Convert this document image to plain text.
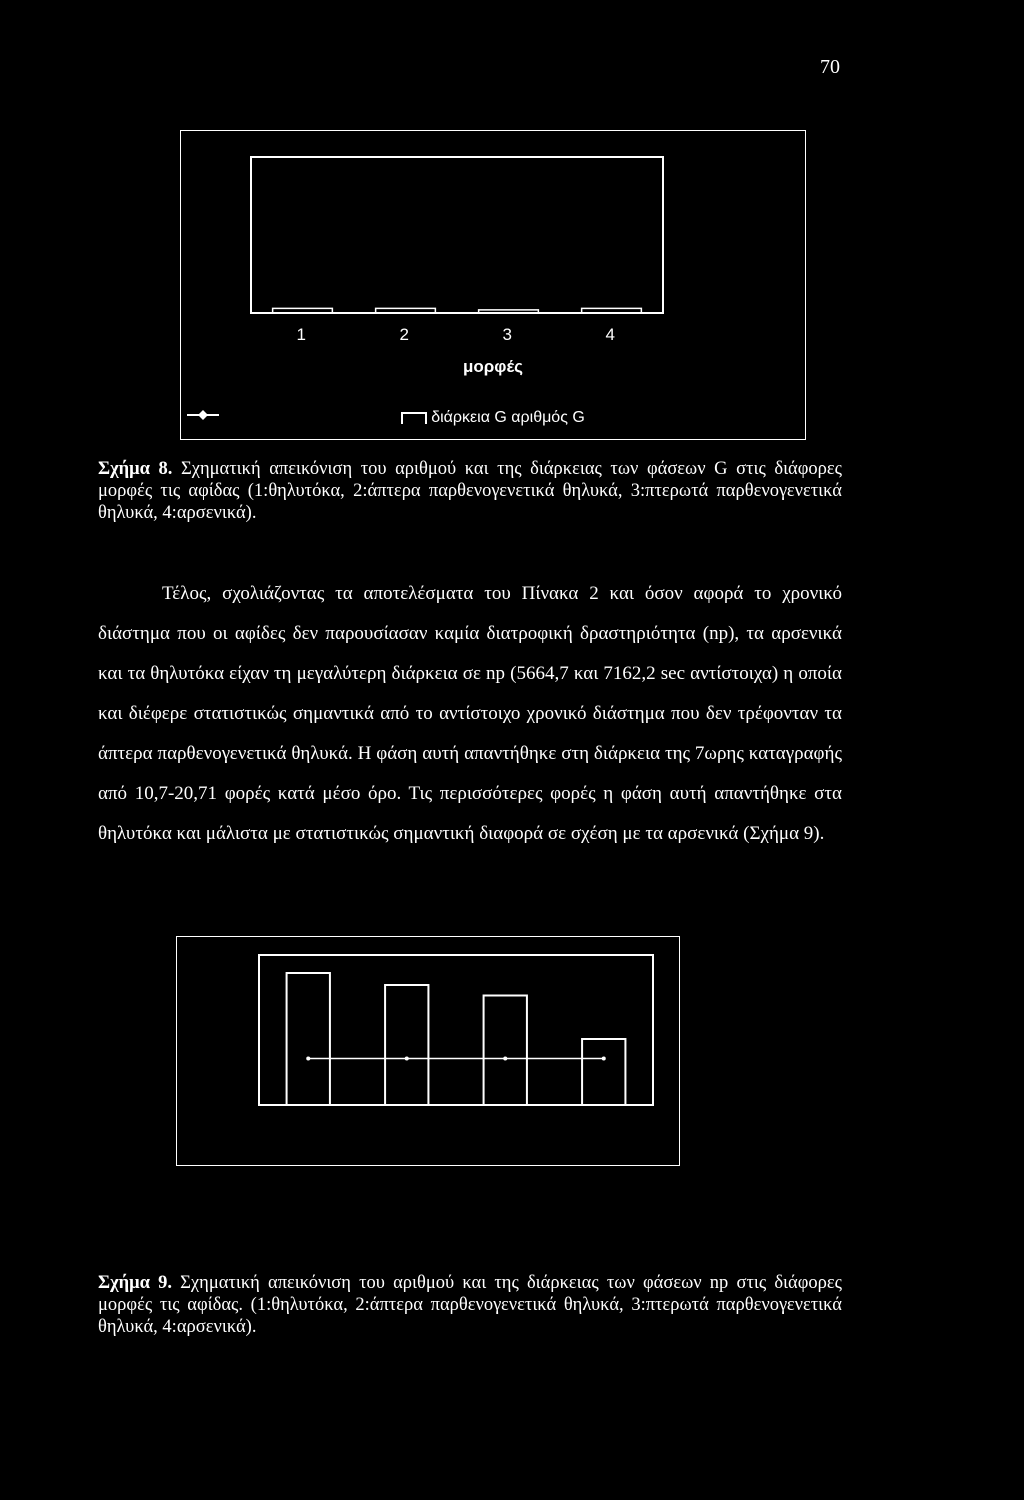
70
μορφές
διάρκεια G αριθμός G
1	2	3	4
Σχήμα 8. Σχηματική απεικόνιση του αριθμού και της διάρκειας των φάσεων G στις διάφορες μορφές τις αφίδας (1:θηλυτόκα, 2:άπτερα παρθενογενετικά θηλυκά, 3:πτερωτά παρθενογενετικά θηλυκά, 4:αρσενικά).
Τέλος, σχολιάζοντας τα αποτελέσματα του Πίνακα 2 και όσον αφορά το χρονικό διάστημα που οι αφίδες δεν παρουσίασαν καμία διατροφική δραστηριότητα (np), τα αρσενικά και τα θηλυτόκα είχαν τη μεγαλύτερη διάρκεια σε np (5664,7 και 7162,2 sec αντίστοιχα) η οποία και διέφερε στατιστικώς σημαντικά από το αντίστοιχο χρονικό διάστημα που δεν τρέφονταν τα άπτερα παρθενογενετικά θηλυκά. Η φάση αυτή απαντήθηκε στη διάρκεια της 7ωρης καταγραφής από 10,7-20,71 φορές κατά μέσο όρο. Τις περισσότερες φορές η φάση αυτή απαντήθηκε στα θηλυτόκα και μάλιστα με στατιστικώς σημαντική διαφορά σε σχέση με τα αρσενικά (Σχήμα 9).
Σχήμα 9. Σχηματική απεικόνιση του αριθμού και της διάρκειας των φάσεων np στις διάφορες μορφές τις αφίδας. (1:θηλυτόκα, 2:άπτερα παρθενογενετικά θηλυκά, 3:πτερωτά παρθενογενετικά θηλυκά, 4:αρσενικά).
